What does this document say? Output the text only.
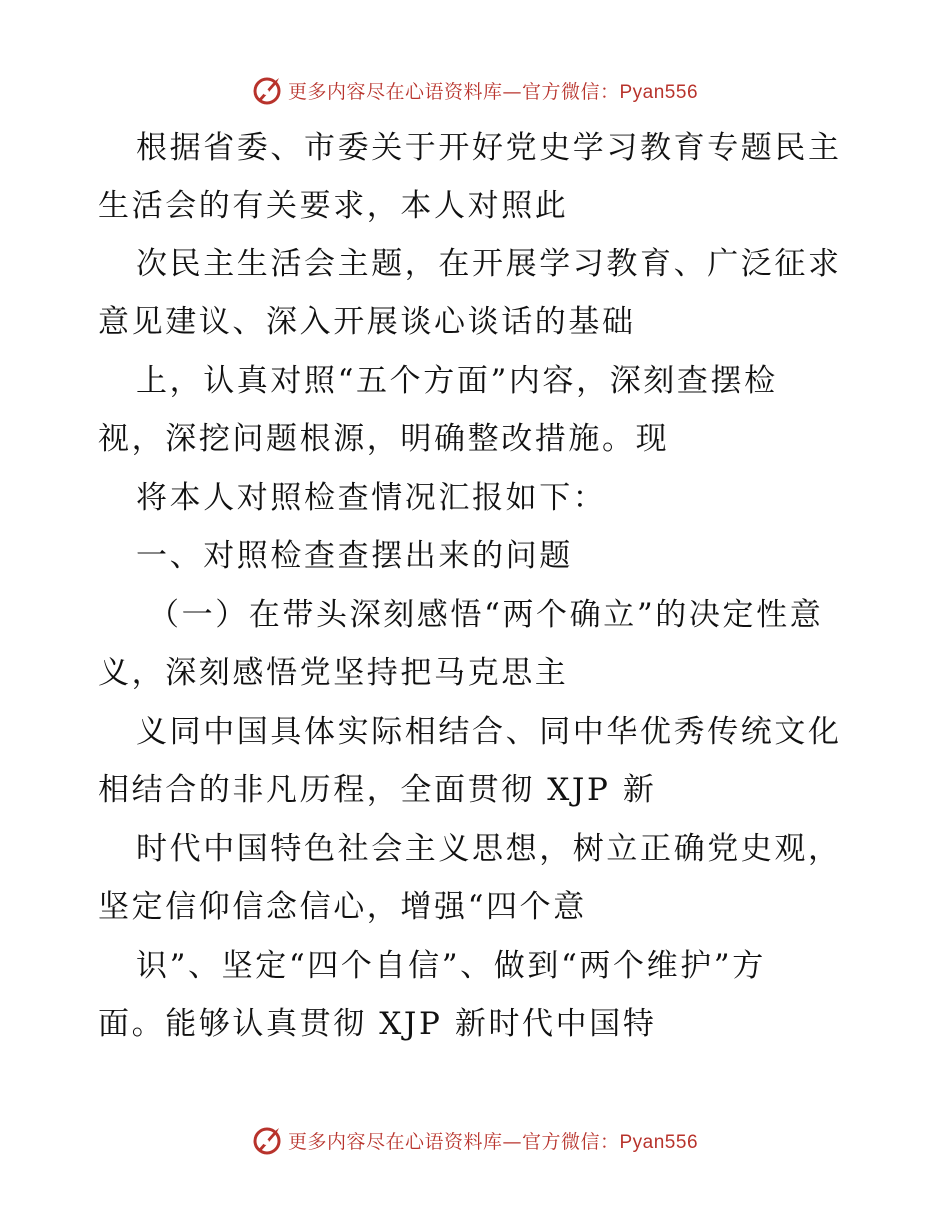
更多内容尽在心语资料库—官方微信：Pyan556
根据省委、市委关于开好党史学习教育专题民主
生活会的有关要求，本人对照此
次民主生活会主题，在开展学习教育、广泛征求
意见建议、深入开展谈心谈话的基础
上，认真对照“五个方面”内容，深刻查摆检
视，深挖问题根源，明确整改措施。现
将本人对照检查情况汇报如下：
一、对照检查查摆出来的问题
（一）在带头深刻感悟“两个确立”的决定性意
义，深刻感悟党坚持把马克思主
义同中国具体实际相结合、同中华优秀传统文化
相结合的非凡历程，全面贯彻 XJP 新
时代中国特色社会主义思想，树立正确党史观，
坚定信仰信念信心，增强“四个意
识”、坚定“四个自信”、做到“两个维护”方
面。能够认真贯彻 XJP 新时代中国特
更多内容尽在心语资料库—官方微信：Pyan556
